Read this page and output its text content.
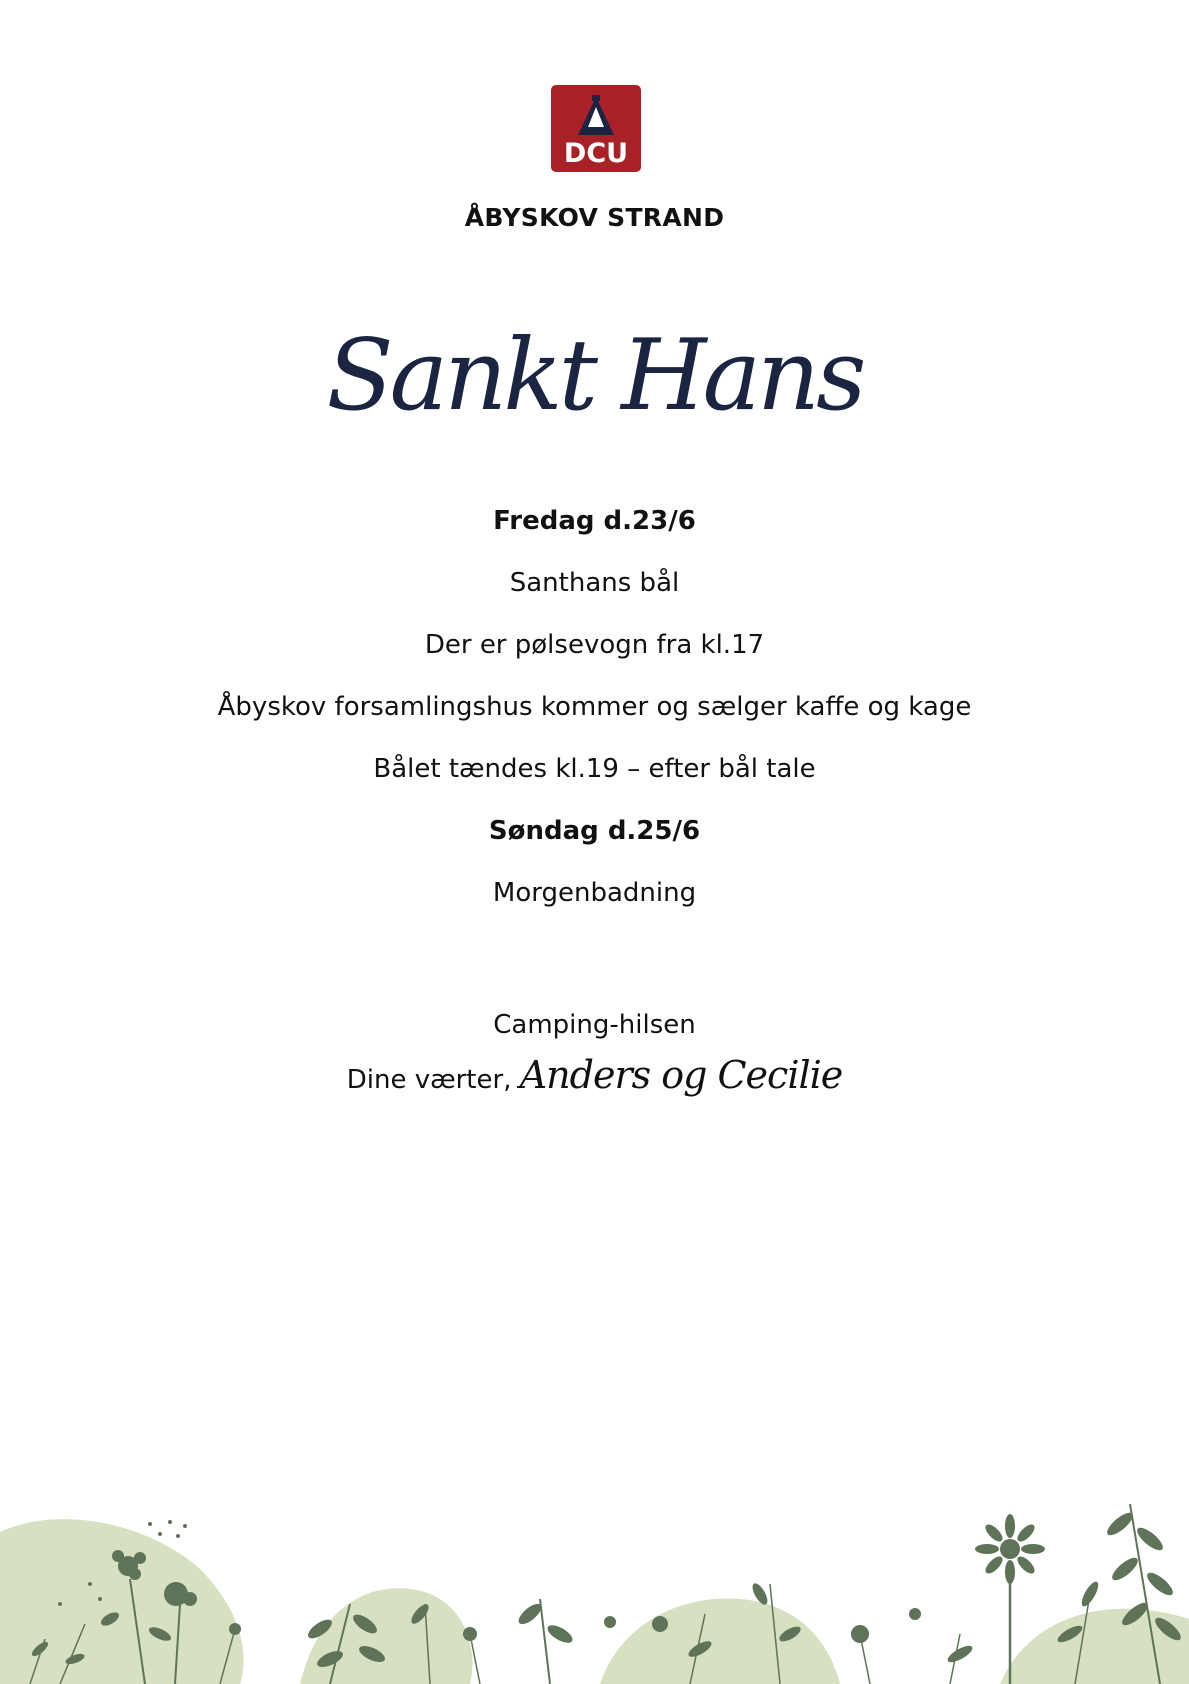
DCU
ÅBYSKOV STRAND
Sankt Hans
Fredag d.23/6
Santhans bål
Der er pølsevogn fra kl.17
Åbyskov forsamlingshus kommer og sælger kaffe og kage
Bålet tændes kl.19 – efter bål tale
Søndag d.25/6
Morgenbadning
Camping-hilsen
Dine værter, Anders og Cecilie
